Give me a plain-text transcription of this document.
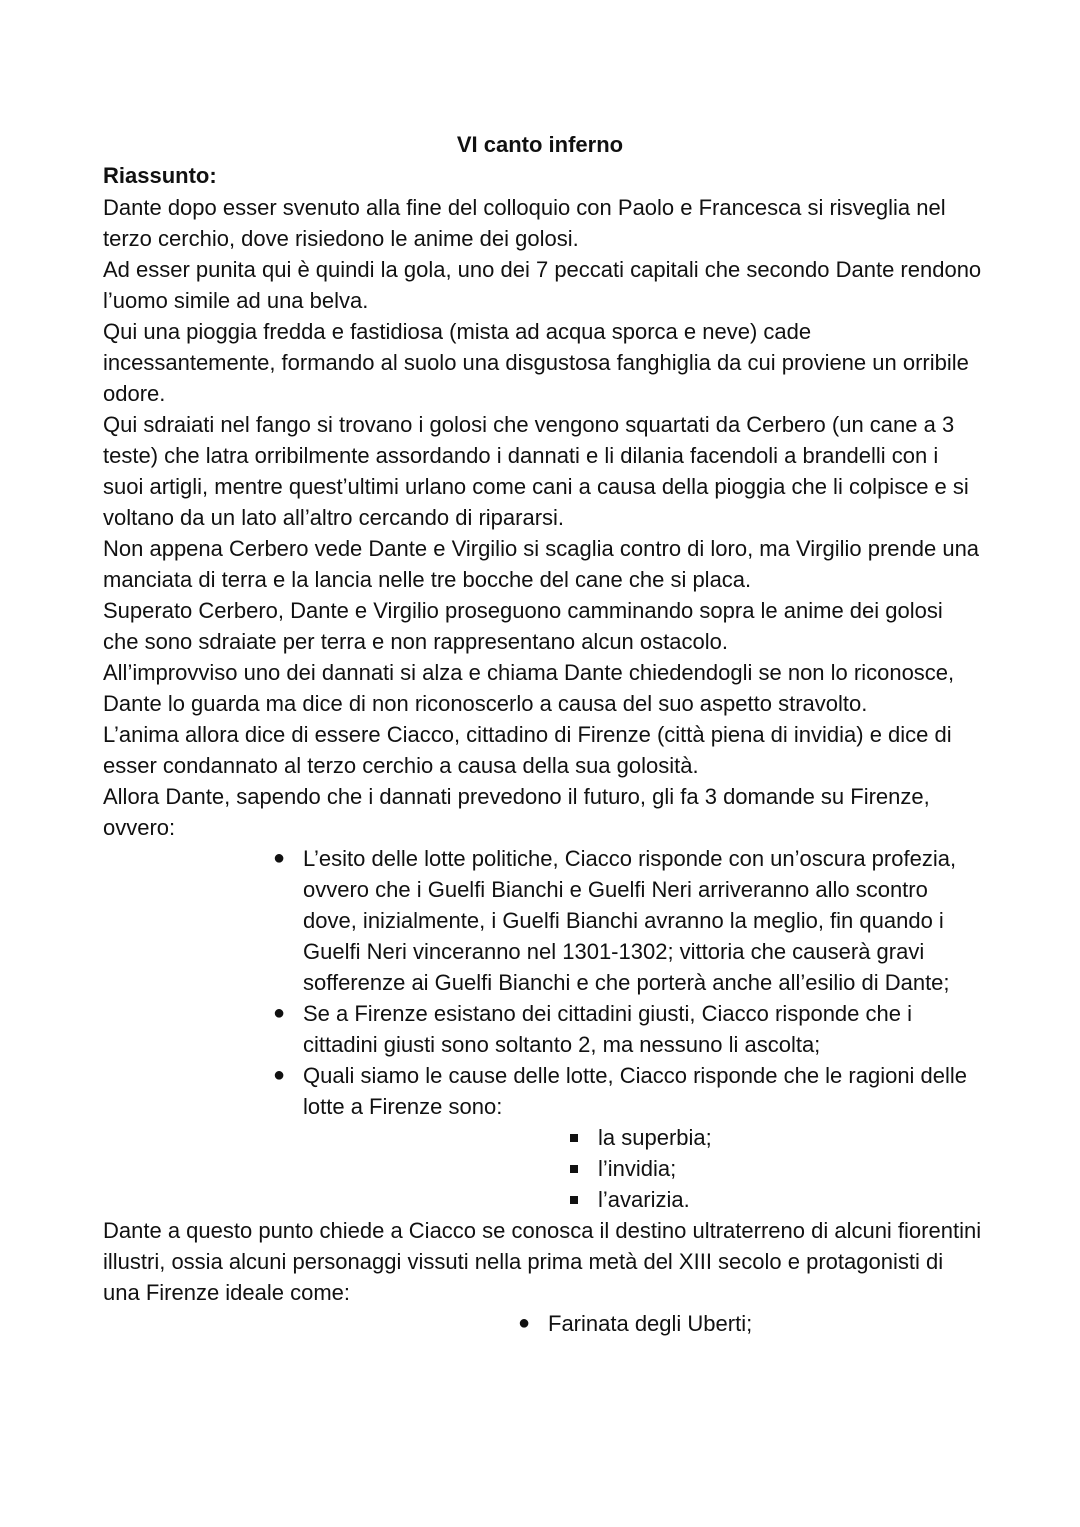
VI canto inferno
Riassunto:

Dante dopo esser svenuto alla fine del colloquio con Paolo e Francesca si risveglia nel terzo cerchio, dove risiedono le anime dei golosi.

Ad esser punita qui è quindi la gola, uno dei 7 peccati capitali che secondo Dante rendono l’uomo simile ad una belva.

Qui una pioggia fredda e fastidiosa (mista ad acqua sporca e neve) cade incessantemente, formando al suolo una disgustosa fanghiglia da cui proviene un orribile odore.

Qui sdraiati nel fango si trovano i golosi che vengono squartati da Cerbero (un cane a 3 teste) che latra orribilmente assordando i dannati e li dilania facendoli a brandelli con i suoi artigli, mentre quest’ultimi urlano come cani a causa della pioggia che li colpisce e si voltano da un lato all’altro cercando di ripararsi.

Non appena Cerbero vede Dante e Virgilio si scaglia contro di loro, ma Virgilio prende una manciata di terra e la lancia nelle tre bocche del cane che si placa.

Superato Cerbero, Dante e Virgilio proseguono camminando sopra le anime dei golosi che sono sdraiate per terra e non rappresentano alcun ostacolo.

All’improvviso uno dei dannati si alza e chiama Dante chiedendogli se non lo riconosce, Dante lo guarda ma dice di non riconoscerlo a causa del suo aspetto stravolto.

L’anima allora dice di essere Ciacco, cittadino di Firenze (città piena di invidia) e dice di esser condannato al terzo cerchio a causa della sua golosità.

Allora Dante, sapendo che i dannati prevedono il futuro, gli fa 3 domande su Firenze, ovvero:

● L’esito delle lotte politiche, Ciacco risponde con un’oscura profezia, ovvero che i Guelfi Bianchi e Guelfi Neri arriveranno allo scontro dove, inizialmente, i Guelfi Bianchi avranno la meglio, fin quando i Guelfi Neri vinceranno nel 1301-1302; vittoria che causerà gravi sofferenze ai Guelfi Bianchi e che porterà anche all’esilio di Dante;
● Se a Firenze esistano dei cittadini giusti, Ciacco risponde che i cittadini giusti sono soltanto 2, ma nessuno li ascolta;
● Quali siamo le cause delle lotte, Ciacco risponde che le ragioni delle lotte a Firenze sono:
la superbia;
l’invidia;
l’avarizia.

Dante a questo punto chiede a Ciacco se conosca il destino ultraterreno di alcuni fiorentini illustri, ossia alcuni personaggi vissuti nella prima metà del XIII secolo e protagonisti di una Firenze ideale come:

● Farinata degli Uberti;
